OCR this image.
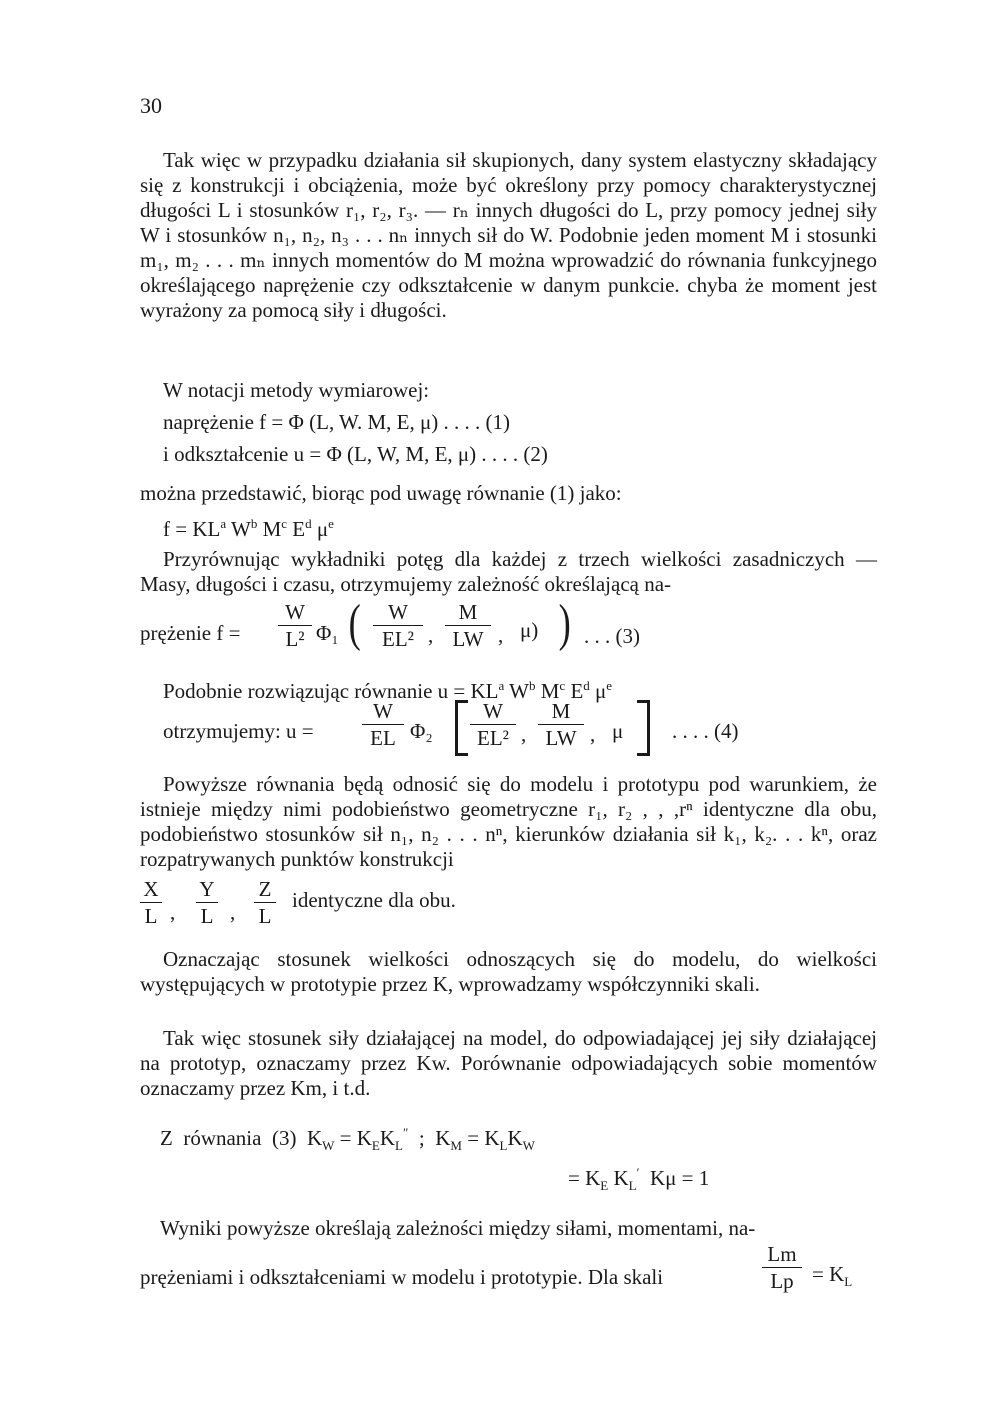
30

Tak więc w przypadku działania sił skupionych, dany system elastyczny składający się z konstrukcji i obciążenia, może być określony przy pomocy charakterystycznej długości L i stosunków r₁, r₂, r₃. — rₙ innych długości do L, przy pomocy jednej siły W i stosunków n₁, n₂, n₃ . . . nₙ innych sił do W. Podobnie jeden moment M i stosunki m₁, m₂ . . . mₙ innych momentów do M można wprowadzić do równania funkcyjnego określającego naprężenie czy odkształcenie w danym punkcie. chyba że moment jest wyrażony za pomocą siły i długości.

W notacji metody wymiarowej:
naprężenie f = Φ (L, W. M, E, μ) . . . . (1)
i odkształcenie u = Φ (L, W, M, E, μ) . . . . (2)
można przedstawić, biorąc pod uwagę równanie (1) jako:
$f = KL^a$ $W^b$ $M^c$ $E^d$ $\mu^e$

Przyrównując wykładniki potęg dla każdej z trzech wielkości zasadniczych — Masy, długości i czasu, otrzymujemy zależność określającą na-

prężenie $f = \frac{W}{\text{L²}} \Phi_1$ ( $\frac{W}{\text{EL²}}$ , $\frac{M}{LW}$ , μ) ) . . . (3)
Podobnie rozwiązując równanie $u = KL^a$ $W^b$ $M^c$ $E^d$ $\mu^e$
otrzymujemy: $u = \frac{W}{EL} \Phi_2 \frac{W}{\text{EL²}}$ , $\frac{M}{LW}$ , μ . . . . (4)

Powyższe równania będą odnosić się do modelu i prototypu pod warunkiem, że istnieje między nimi podobieństwo geometryczne r₁, r₂ , , ,rⁿ identyczne dla obu, podobieństwo stosunków sił n₁, n₂ . . . nⁿ, kierunków działania sił k₁, k₂. . . kⁿ, oraz rozpatrywanych punktów konstrukcji

$\frac{X}{L}$ , $\frac{Y}{L}$ , $\frac{Z}{L}$ identyczne dla obu.

Oznaczając stosunek wielkości odnoszących się do modelu, do wielkości występujących w prototypie przez K, wprowadzamy współczynniki skali.

Tak więc stosunek siły działającej na model, do odpowiadającej jej siły działającej na prototyp, oznaczamy przez Kw. Porównanie odpowiadających sobie momentów oznaczamy przez Km, i t.d.

Z  równania  (3)  $K_W = K_EK_L''$  ;  $K_M = K_LK_W$
= $K_E$ $K_L'$  Kμ = 1
Wyniki powyższe określają zależności między siłami, momentami, na-
prężeniami i odkształceniami w modelu i prototypie. Dla skali	$\frac{Lm}{Lp} = K_L$
